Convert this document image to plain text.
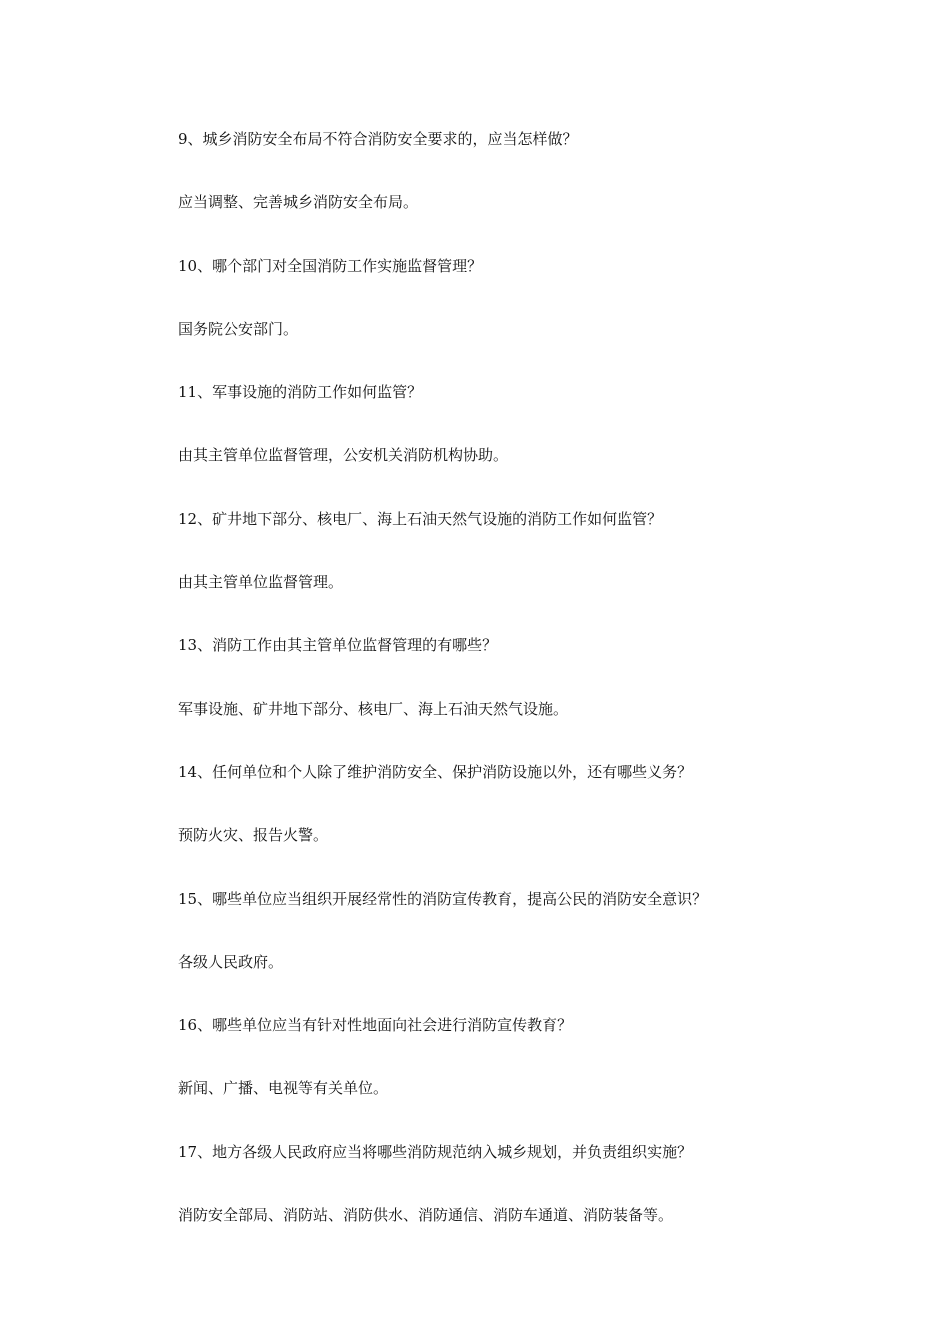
9、城乡消防安全布局不符合消防安全要求的，应当怎样做？

应当调整、完善城乡消防安全布局。

10、哪个部门对全国消防工作实施监督管理？

国务院公安部门。

11、军事设施的消防工作如何监管？

由其主管单位监督管理，公安机关消防机构协助。

12、矿井地下部分、核电厂、海上石油天然气设施的消防工作如何监管？

由其主管单位监督管理。

13、消防工作由其主管单位监督管理的有哪些？

军事设施、矿井地下部分、核电厂、海上石油天然气设施。

14、任何单位和个人除了维护消防安全、保护消防设施以外，还有哪些义务？

预防火灾、报告火警。

15、哪些单位应当组织开展经常性的消防宣传教育，提高公民的消防安全意识？

各级人民政府。

16、哪些单位应当有针对性地面向社会进行消防宣传教育？

新闻、广播、电视等有关单位。

17、地方各级人民政府应当将哪些消防规范纳入城乡规划，并负责组织实施？

消防安全部局、消防站、消防供水、消防通信、消防车通道、消防装备等。
